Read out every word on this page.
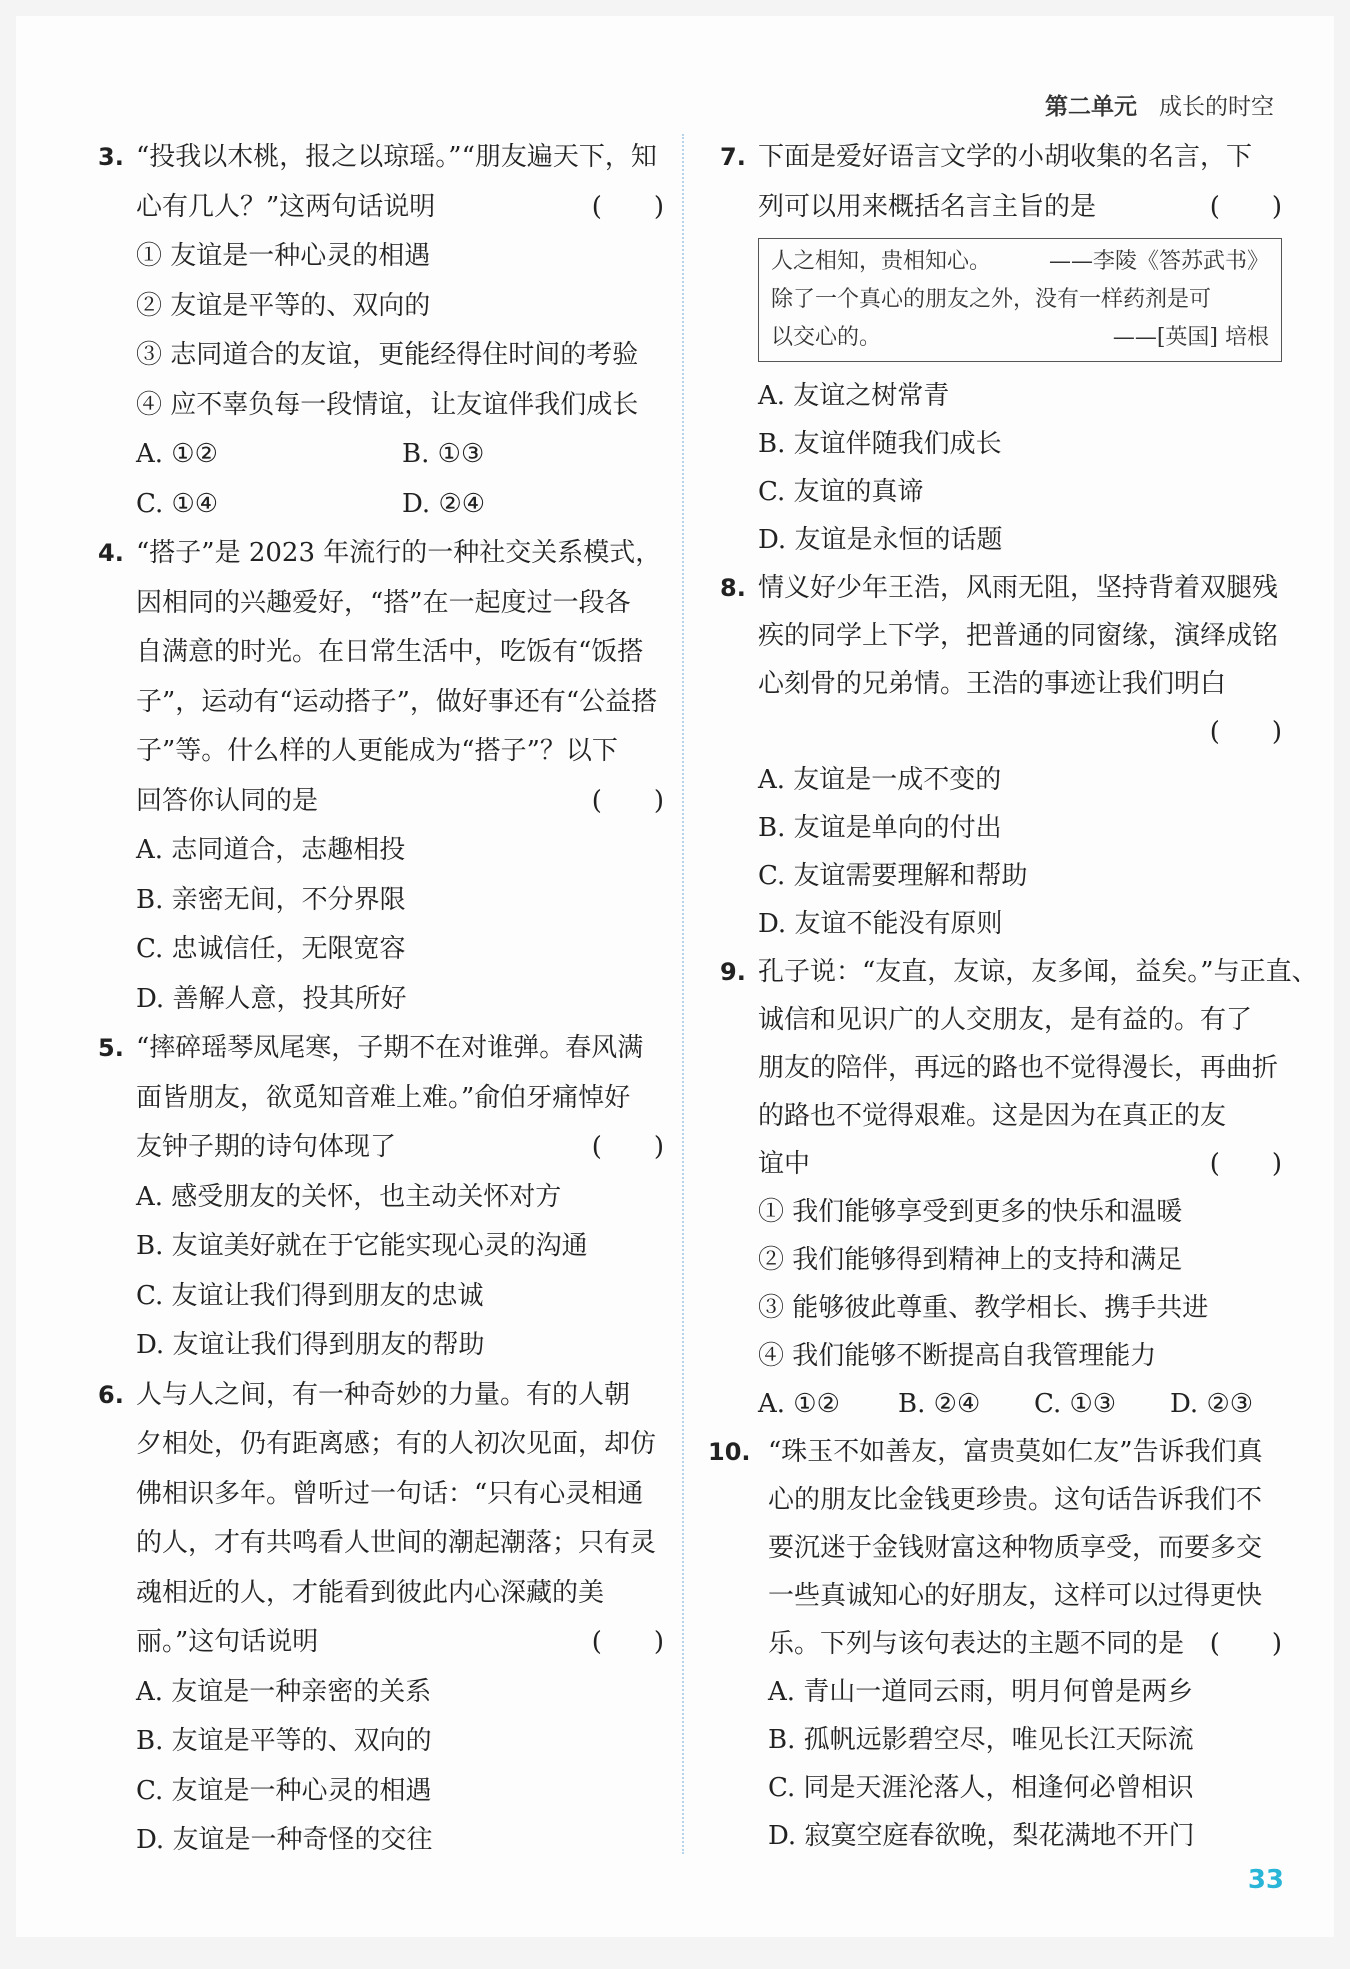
第二单元 成长的时空
3. “投我以木桃，报之以琼瑶。”“朋友遍天下，知
心有几人？”这两句话说明	(　　)
① 友谊是一种心灵的相遇
② 友谊是平等的、双向的
③ 志同道合的友谊，更能经得住时间的考验
④ 应不辜负每一段情谊，让友谊伴我们成长
A. ①②	B. ①③
C. ①④	D. ②④
4. “搭子”是 2023 年流行的一种社交关系模式，
因相同的兴趣爱好，“搭”在一起度过一段各
自满意的时光。在日常生活中，吃饭有“饭搭
子”，运动有“运动搭子”，做好事还有“公益搭
子”等。什么样的人更能成为“搭子”？以下
回答你认同的是	(　　)
A. 志同道合，志趣相投
B. 亲密无间，不分界限
C. 忠诚信任，无限宽容
D. 善解人意，投其所好
5. “摔碎瑶琴凤尾寒，子期不在对谁弹。春风满
面皆朋友，欲觅知音难上难。”俞伯牙痛悼好
友钟子期的诗句体现了	(　　)
A. 感受朋友的关怀，也主动关怀对方
B. 友谊美好就在于它能实现心灵的沟通
C. 友谊让我们得到朋友的忠诚
D. 友谊让我们得到朋友的帮助
6. 人与人之间，有一种奇妙的力量。有的人朝
夕相处，仍有距离感；有的人初次见面，却仿
佛相识多年。曾听过一句话：“只有心灵相通
的人，才有共鸣看人世间的潮起潮落；只有灵
魂相近的人，才能看到彼此内心深藏的美
丽。”这句话说明	(　　)
A. 友谊是一种亲密的关系
B. 友谊是平等的、双向的
C. 友谊是一种心灵的相遇
D. 友谊是一种奇怪的交往
7. 下面是爱好语言文学的小胡收集的名言，下
列可以用来概括名言主旨的是	(　　)
人之相知，贵相知心。	——李陵《答苏武书》
除了一个真心的朋友之外，没有一样药剂是可
以交心的。	——[英国] 培根
A. 友谊之树常青
B. 友谊伴随我们成长
C. 友谊的真谛
D. 友谊是永恒的话题
8. 情义好少年王浩，风雨无阻，坚持背着双腿残
疾的同学上下学，把普通的同窗缘，演绎成铭
心刻骨的兄弟情。王浩的事迹让我们明白
(　　)
A. 友谊是一成不变的
B. 友谊是单向的付出
C. 友谊需要理解和帮助
D. 友谊不能没有原则
9. 孔子说：“友直，友谅，友多闻，益矣。”与正直、
诚信和见识广的人交朋友，是有益的。有了
朋友的陪伴，再远的路也不觉得漫长，再曲折
的路也不觉得艰难。这是因为在真正的友
谊中	(　　)
① 我们能够享受到更多的快乐和温暖
② 我们能够得到精神上的支持和满足
③ 能够彼此尊重、教学相长、携手共进
④ 我们能够不断提高自我管理能力
A. ①②	B. ②④	C. ①③	D. ②③
10. “珠玉不如善友，富贵莫如仁友”告诉我们真
心的朋友比金钱更珍贵。这句话告诉我们不
要沉迷于金钱财富这种物质享受，而要多交
一些真诚知心的好朋友，这样可以过得更快
乐。下列与该句表达的主题不同的是 (　　)
A. 青山一道同云雨，明月何曾是两乡
B. 孤帆远影碧空尽，唯见长江天际流
C. 同是天涯沦落人，相逢何必曾相识
D. 寂寞空庭春欲晚，梨花满地不开门
33
